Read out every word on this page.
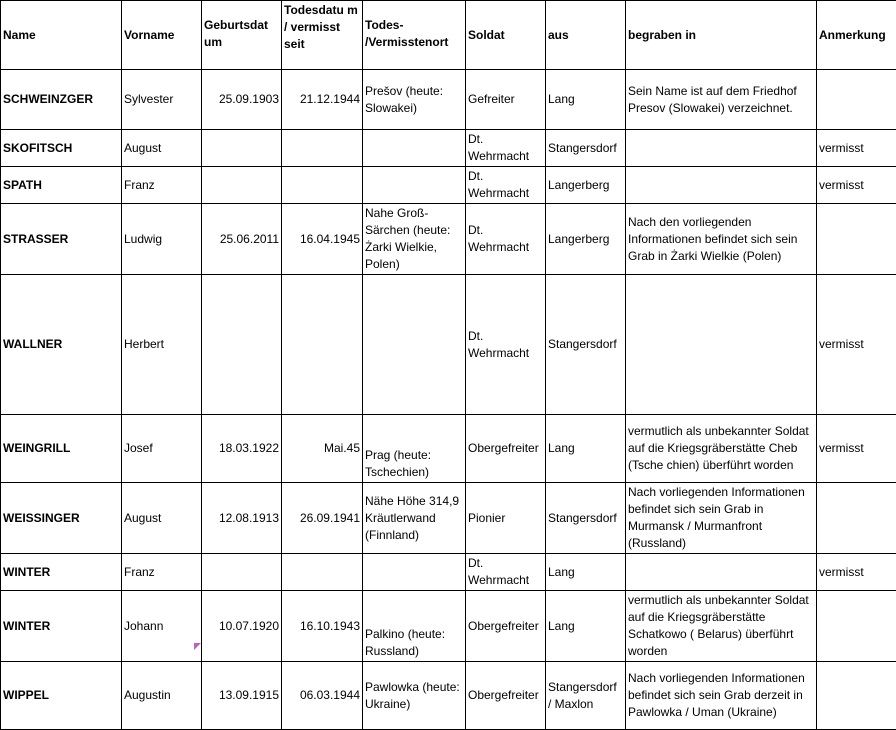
Name	Vorname	Geburtsdat um	Todesdatu m / vermisst seit	Todes- /Vermisstenort	Soldat	aus	begraben in	Anmerkung
SCHWEINZGER	Sylvester	25.09.1903	21.12.1944	Prešov (heute: Slowakei)	Gefreiter	Lang	Sein Name ist auf dem Friedhof Presov (Slowakei) verzeichnet.	
SKOFITSCH	August				Dt. Wehrmacht	Stangersdorf		vermisst
SPATH	Franz				Dt. Wehrmacht	Langerberg		vermisst
STRASSER	Ludwig	25.06.2011	16.04.1945	Nahe Groß-Särchen (heute: Żarki Wielkie, Polen)	Dt. Wehrmacht	Langerberg	Nach den vorliegenden Informationen befindet sich sein Grab in Żarki Wielkie (Polen)	
WALLNER	Herbert				Dt. Wehrmacht	Stangersdorf		vermisst
WEINGRILL	Josef	18.03.1922	Mai.45	Prag (heute: Tschechien)	Obergefreiter	Lang	vermutlich als unbekannter Soldat auf die Kriegsgräberstätte Cheb (Tsche chien) überführt worden	vermisst
WEISSINGER	August	12.08.1913	26.09.1941	Nähe Höhe 314,9 Kräutlerwand (Finnland)	Pionier	Stangersdorf	Nach vorliegenden Informationen befindet sich sein Grab in Murmansk / Murmanfront (Russland)	
WINTER	Franz				Dt. Wehrmacht	Lang		vermisst
WINTER	Johann	10.07.1920	16.10.1943	Palkino (heute: Russland)	Obergefreiter	Lang	vermutlich als unbekannter Soldat auf die Kriegsgräberstätte Schatkowo ( Belarus) überführt worden	
WIPPEL	Augustin	13.09.1915	06.03.1944	Pawlowka (heute: Ukraine)	Obergefreiter	Stangersdorf / Maxlon	Nach vorliegenden Informationen befindet sich sein Grab derzeit in Pawlowka / Uman (Ukraine)	
